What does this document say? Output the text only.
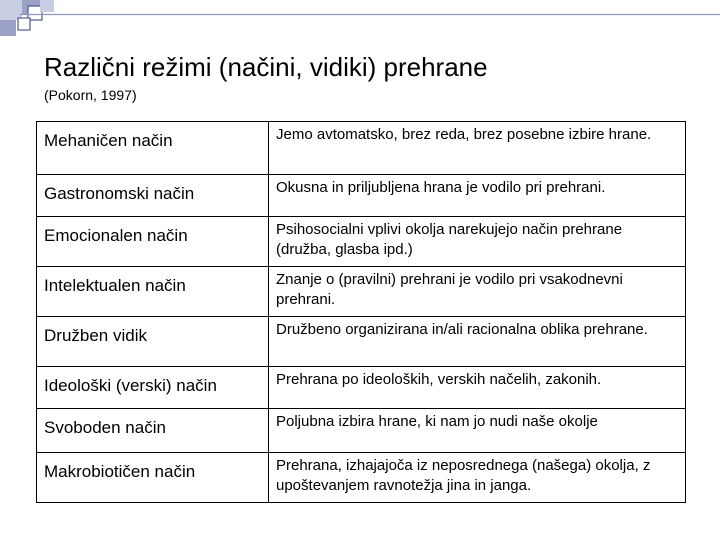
Različni režimi (načini, vidiki) prehrane
(Pokorn, 1997)
Mehaničen način	Jemo avtomatsko, brez reda, brez posebne izbire hrane.
Gastronomski način	Okusna in priljubljena hrana je vodilo pri prehrani.
Emocionalen način	Psihosocialni vplivi okolja narekujejo način prehrane (družba, glasba ipd.)
Intelektualen način	Znanje o (pravilni) prehrani je vodilo pri vsakodnevni prehrani.
Družben vidik	Družbeno organizirana in/ali racionalna oblika prehrane.
Ideološki (verski) način	Prehrana po ideoloških, verskih načelih, zakonih.
Svoboden način	Poljubna izbira hrane, ki nam jo nudi naše okolje
Makrobiotičen način	Prehrana, izhajajoča iz neposrednega (našega) okolja, z upoštevanjem ravnotežja jina in janga.
